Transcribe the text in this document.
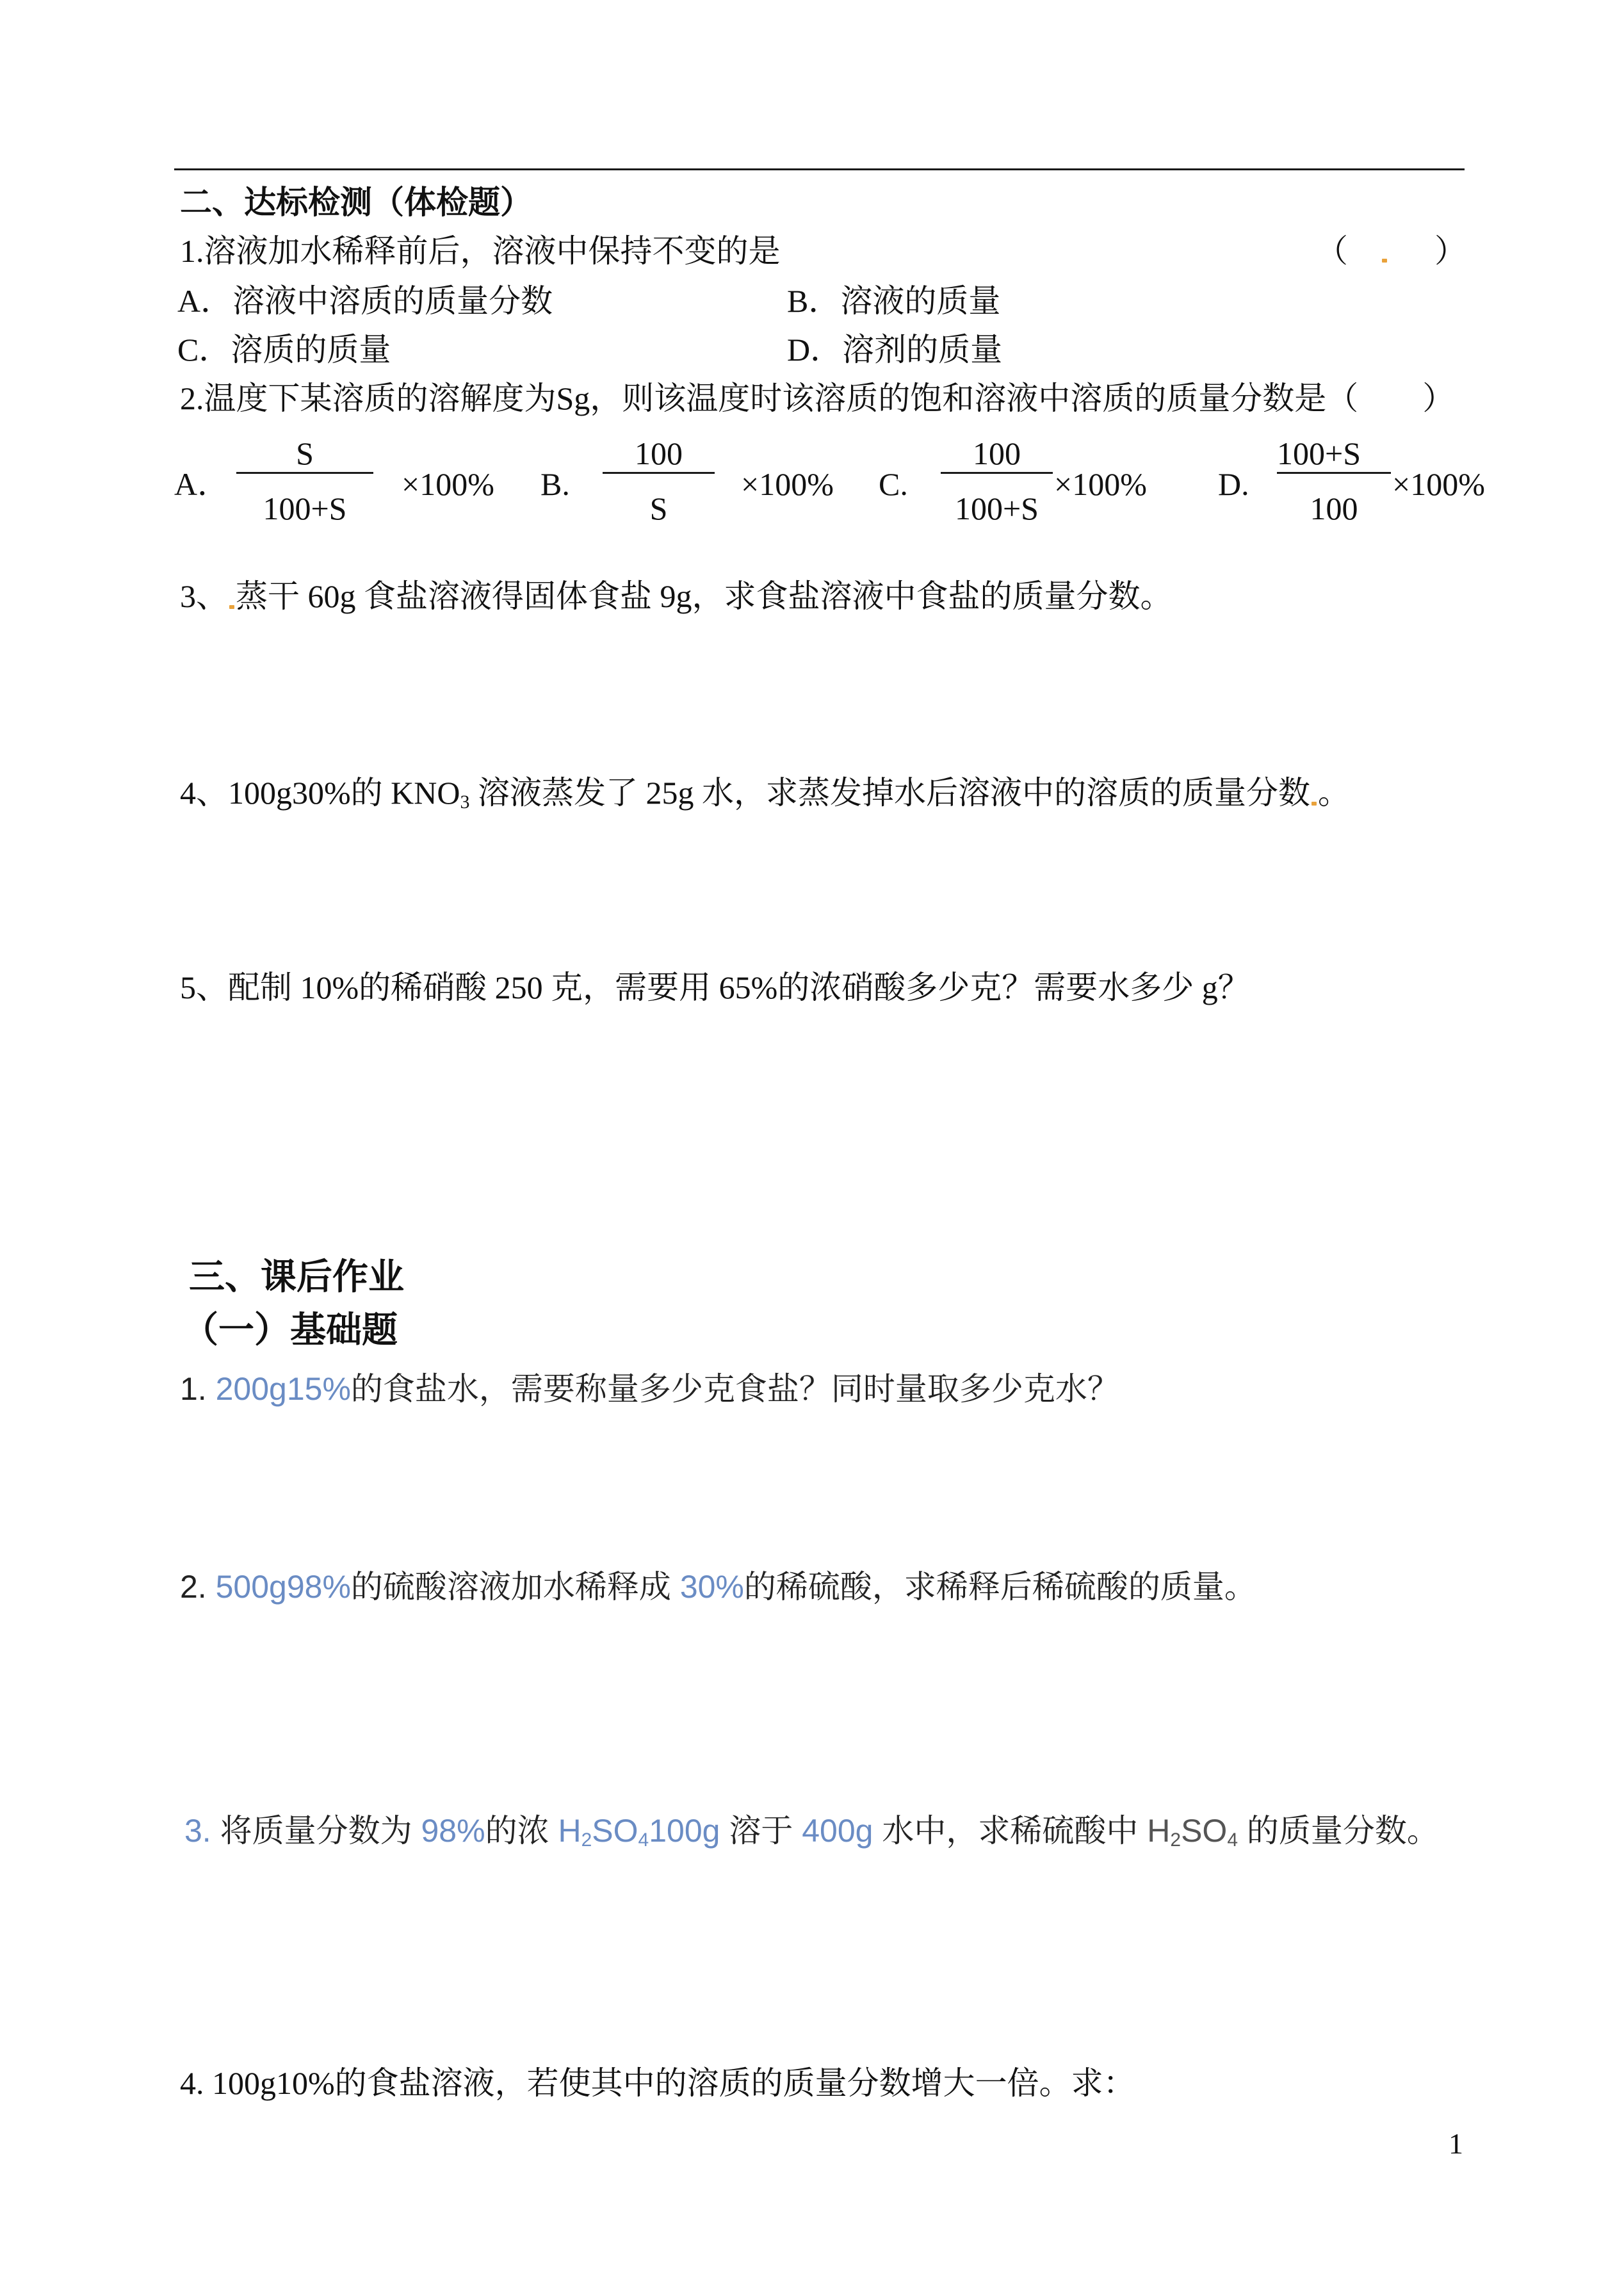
二、达标检测（体检题）
1.溶液加水稀释前后，溶液中保持不变的是	（	）
A．溶液中溶质的质量分数	B．溶液的质量
C．溶质的质量	D．溶剂的质量
2.温度下某溶质的溶解度为Sg，则该温度时该溶质的饱和溶液中溶质的质量分数是（　　）
A．
S
100+S
×100% B.
100
S
×100% C.
100
100+S
×100% D.
100+S
100
×100%
3、 蒸干 60g 食盐溶液得固体食盐 9g，求食盐溶液中食盐的质量分数。
4、100g30%的 $KNO_3$ 溶液蒸发了 25g 水，求蒸发掉水后溶液中的溶质的质量分数 。
5、配制 10%的稀硝酸 250 克，需要用 65%的浓硝酸多少克？需要水多少 g？
三、课后作业
（一）基础题
1. 200g15%的食盐水，需要称量多少克食盐？同时量取多少克水？
2. 500g98%的硫酸溶液加水稀释成 30%的稀硫酸，求稀释后稀硫酸的质量。
3. 将质量分数为 98%的浓 $H_2SO_4100g$ 溶于 400g 水中，求稀硫酸中 $H_2SO_4$ 的质量分数。
4. 100g10%的食盐溶液，若使其中的溶质的质量分数增大一倍。求：
1
